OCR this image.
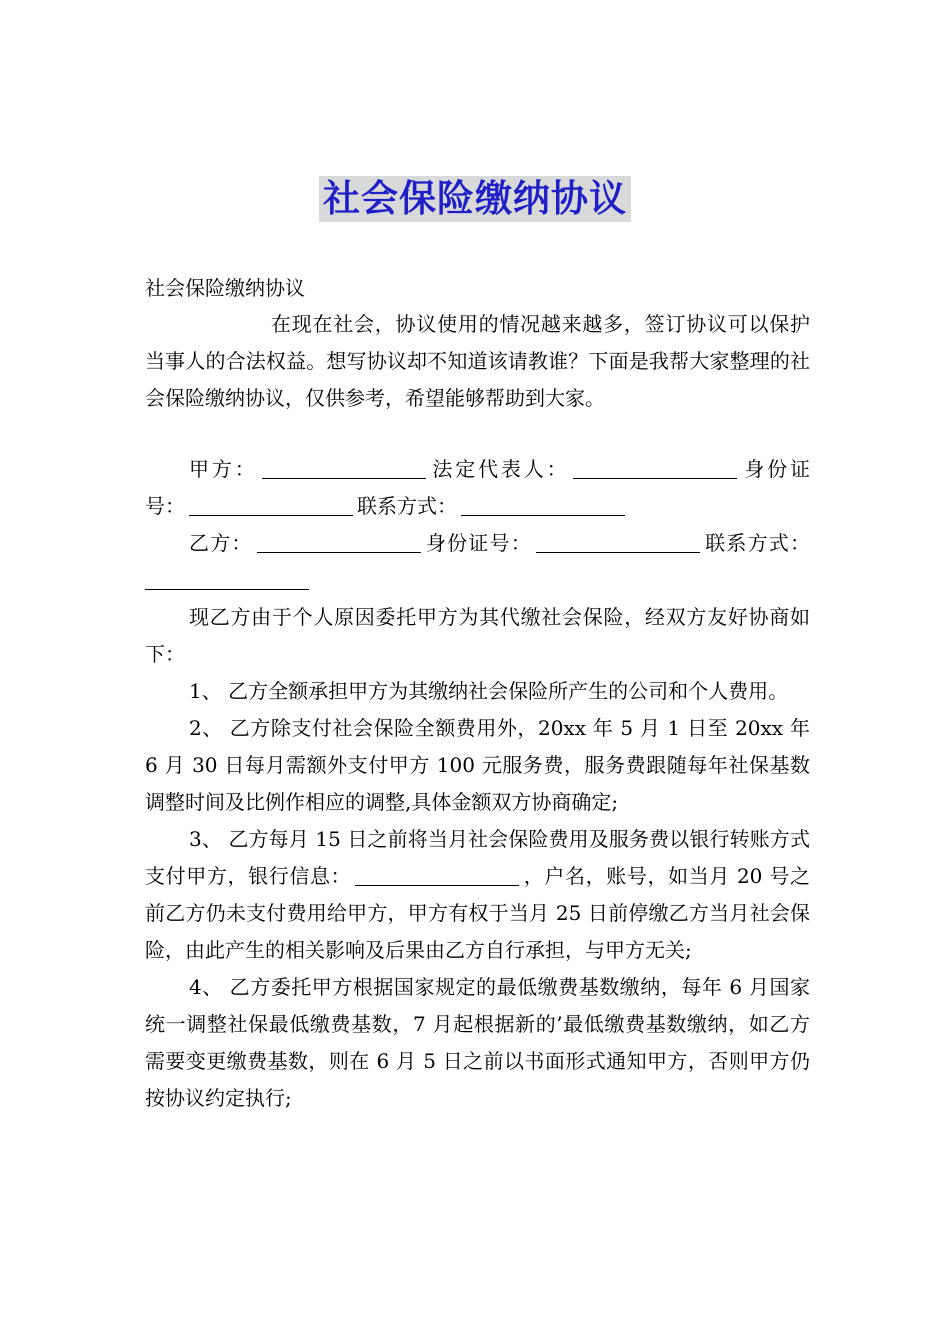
社会保险缴纳协议

社会保险缴纳协议

在现在社会，协议使用的情况越来越多，签订协议可以保护当事人的合法权益。想写协议却不知道该请教谁？下面是我帮大家整理的社会保险缴纳协议，仅供参考，希望能够帮助到大家。

甲方：	法定代表人：	身份证号：	联系方式：

乙方：	身份证号：	联系方式：

现乙方由于个人原因委托甲方为其代缴社会保险，经双方友好协商如下：

1、 乙方全额承担甲方为其缴纳社会保险所产生的公司和个人费用。

2、 乙方除支付社会保险全额费用外，20xx 年 5 月 1 日至 20xx 年 6 月 30 日每月需额外支付甲方 100 元服务费，服务费跟随每年社保基数调整时间及比例作相应的调整,具体金额双方协商确定;

3、 乙方每月 15 日之前将当月社会保险费用及服务费以银行转账方式支付甲方，银行信息：	，户名，账号，如当月 20 号之前乙方仍未支付费用给甲方，甲方有权于当月 25 日前停缴乙方当月社会保险，由此产生的相关影响及后果由乙方自行承担，与甲方无关;

4、 乙方委托甲方根据国家规定的最低缴费基数缴纳，每年 6 月国家统一调整社保最低缴费基数，7 月起根据新的’最低缴费基数缴纳，如乙方需要变更缴费基数，则在 6 月 5 日之前以书面形式通知甲方，否则甲方仍按协议约定执行;
